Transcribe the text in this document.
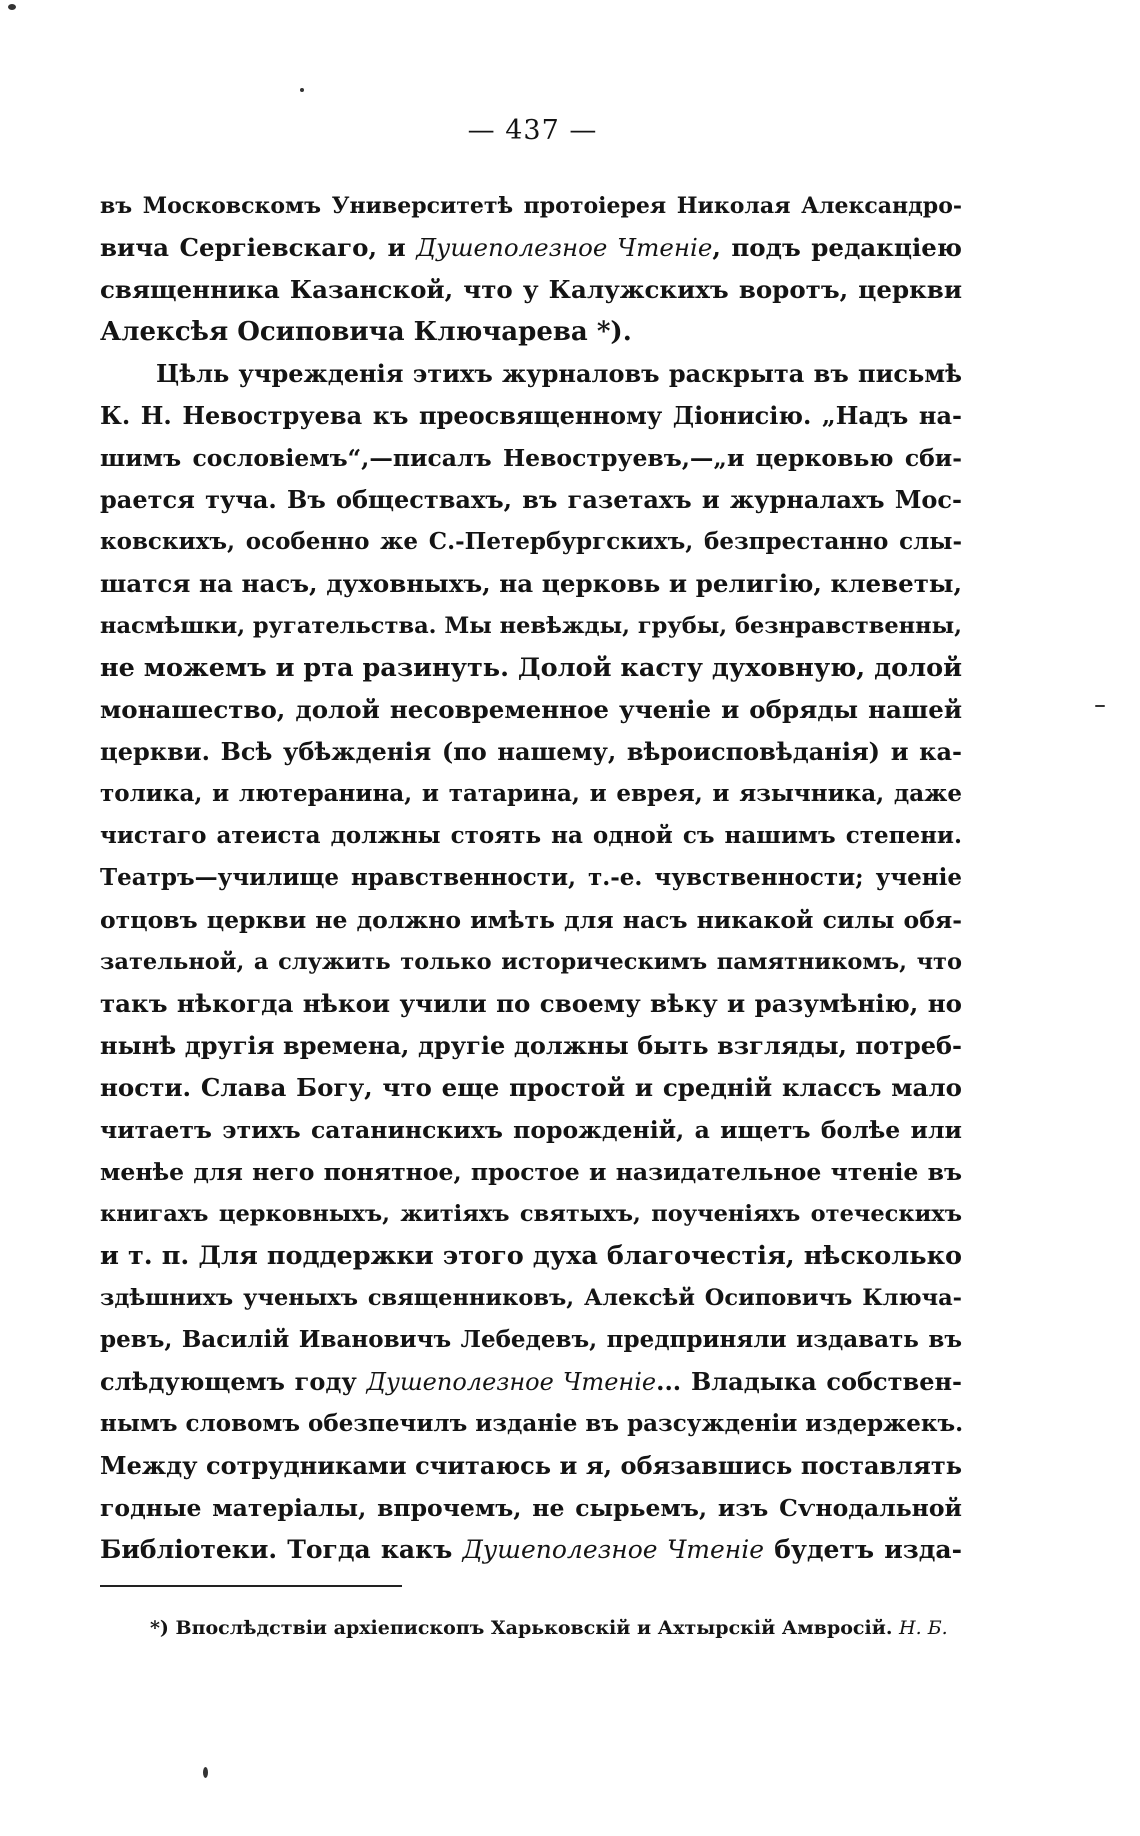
— 437 —
въ Московскомъ Университетѣ протоіерея Николая Александро-
вича Сергіевскаго, и Душеполезное Чтеніе, подъ редакціею
священника Казанской, что у Калужскихъ воротъ, церкви
Алексѣя Осиповича Ключарева *).
Цѣль учрежденія этихъ журналовъ раскрыта въ письмѣ
К. Н. Невоструева къ преосвященному Діонисію. „Надъ на-
шимъ сословіемъ“,—писалъ Невоструевъ,—„и церковью сби-
рается туча. Въ обществахъ, въ газетахъ и журналахъ Мос-
ковскихъ, особенно же С.-Петербургскихъ, безпрестанно слы-
шатся на насъ, духовныхъ, на церковь и религію, клеветы,
насмѣшки, ругательства. Мы невѣжды, грубы, безнравственны,
не можемъ и рта разинуть. Долой касту духовную, долой
монашество, долой несовременное ученіе и обряды нашей
церкви. Всѣ убѣжденія (по нашему, вѣроисповѣданія) и ка-
толика, и лютеранина, и татарина, и еврея, и язычника, даже
чистаго атеиста должны стоять на одной съ нашимъ степени.
Театръ—училище нравственности, т.-е. чувственности; ученіе
отцовъ церкви не должно имѣть для насъ никакой силы обя-
зательной, а служить только историческимъ памятникомъ, что
такъ нѣкогда нѣкои учили по своему вѣку и разумѣнію, но
нынѣ другія времена, другіе должны быть взгляды, потреб-
ности. Слава Богу, что еще простой и средній классъ мало
читаетъ этихъ сатанинскихъ порожденій, а ищетъ болѣе или
менѣе для него понятное, простое и назидательное чтеніе въ
книгахъ церковныхъ, житіяхъ святыхъ, поученіяхъ отеческихъ
и т. п. Для поддержки этого духа благочестія, нѣсколько
здѣшнихъ ученыхъ священниковъ, Алексѣй Осиповичъ Ключа-
ревъ, Василій Ивановичъ Лебедевъ, предприняли издавать въ
слѣдующемъ году Душеполезное Чтеніе... Владыка собствен-
нымъ словомъ обезпечилъ изданіе въ разсужденіи издержекъ.
Между сотрудниками считаюсь и я, обязавшись поставлять
годные матеріалы, впрочемъ, не сырьемъ, изъ Сѵнодальной
Библіотеки. Тогда какъ Душеполезное Чтеніе будетъ изда-
*) Впослѣдствіи архіепископъ Харьковскій и Ахтырскій Амвросій. Н. Б.
